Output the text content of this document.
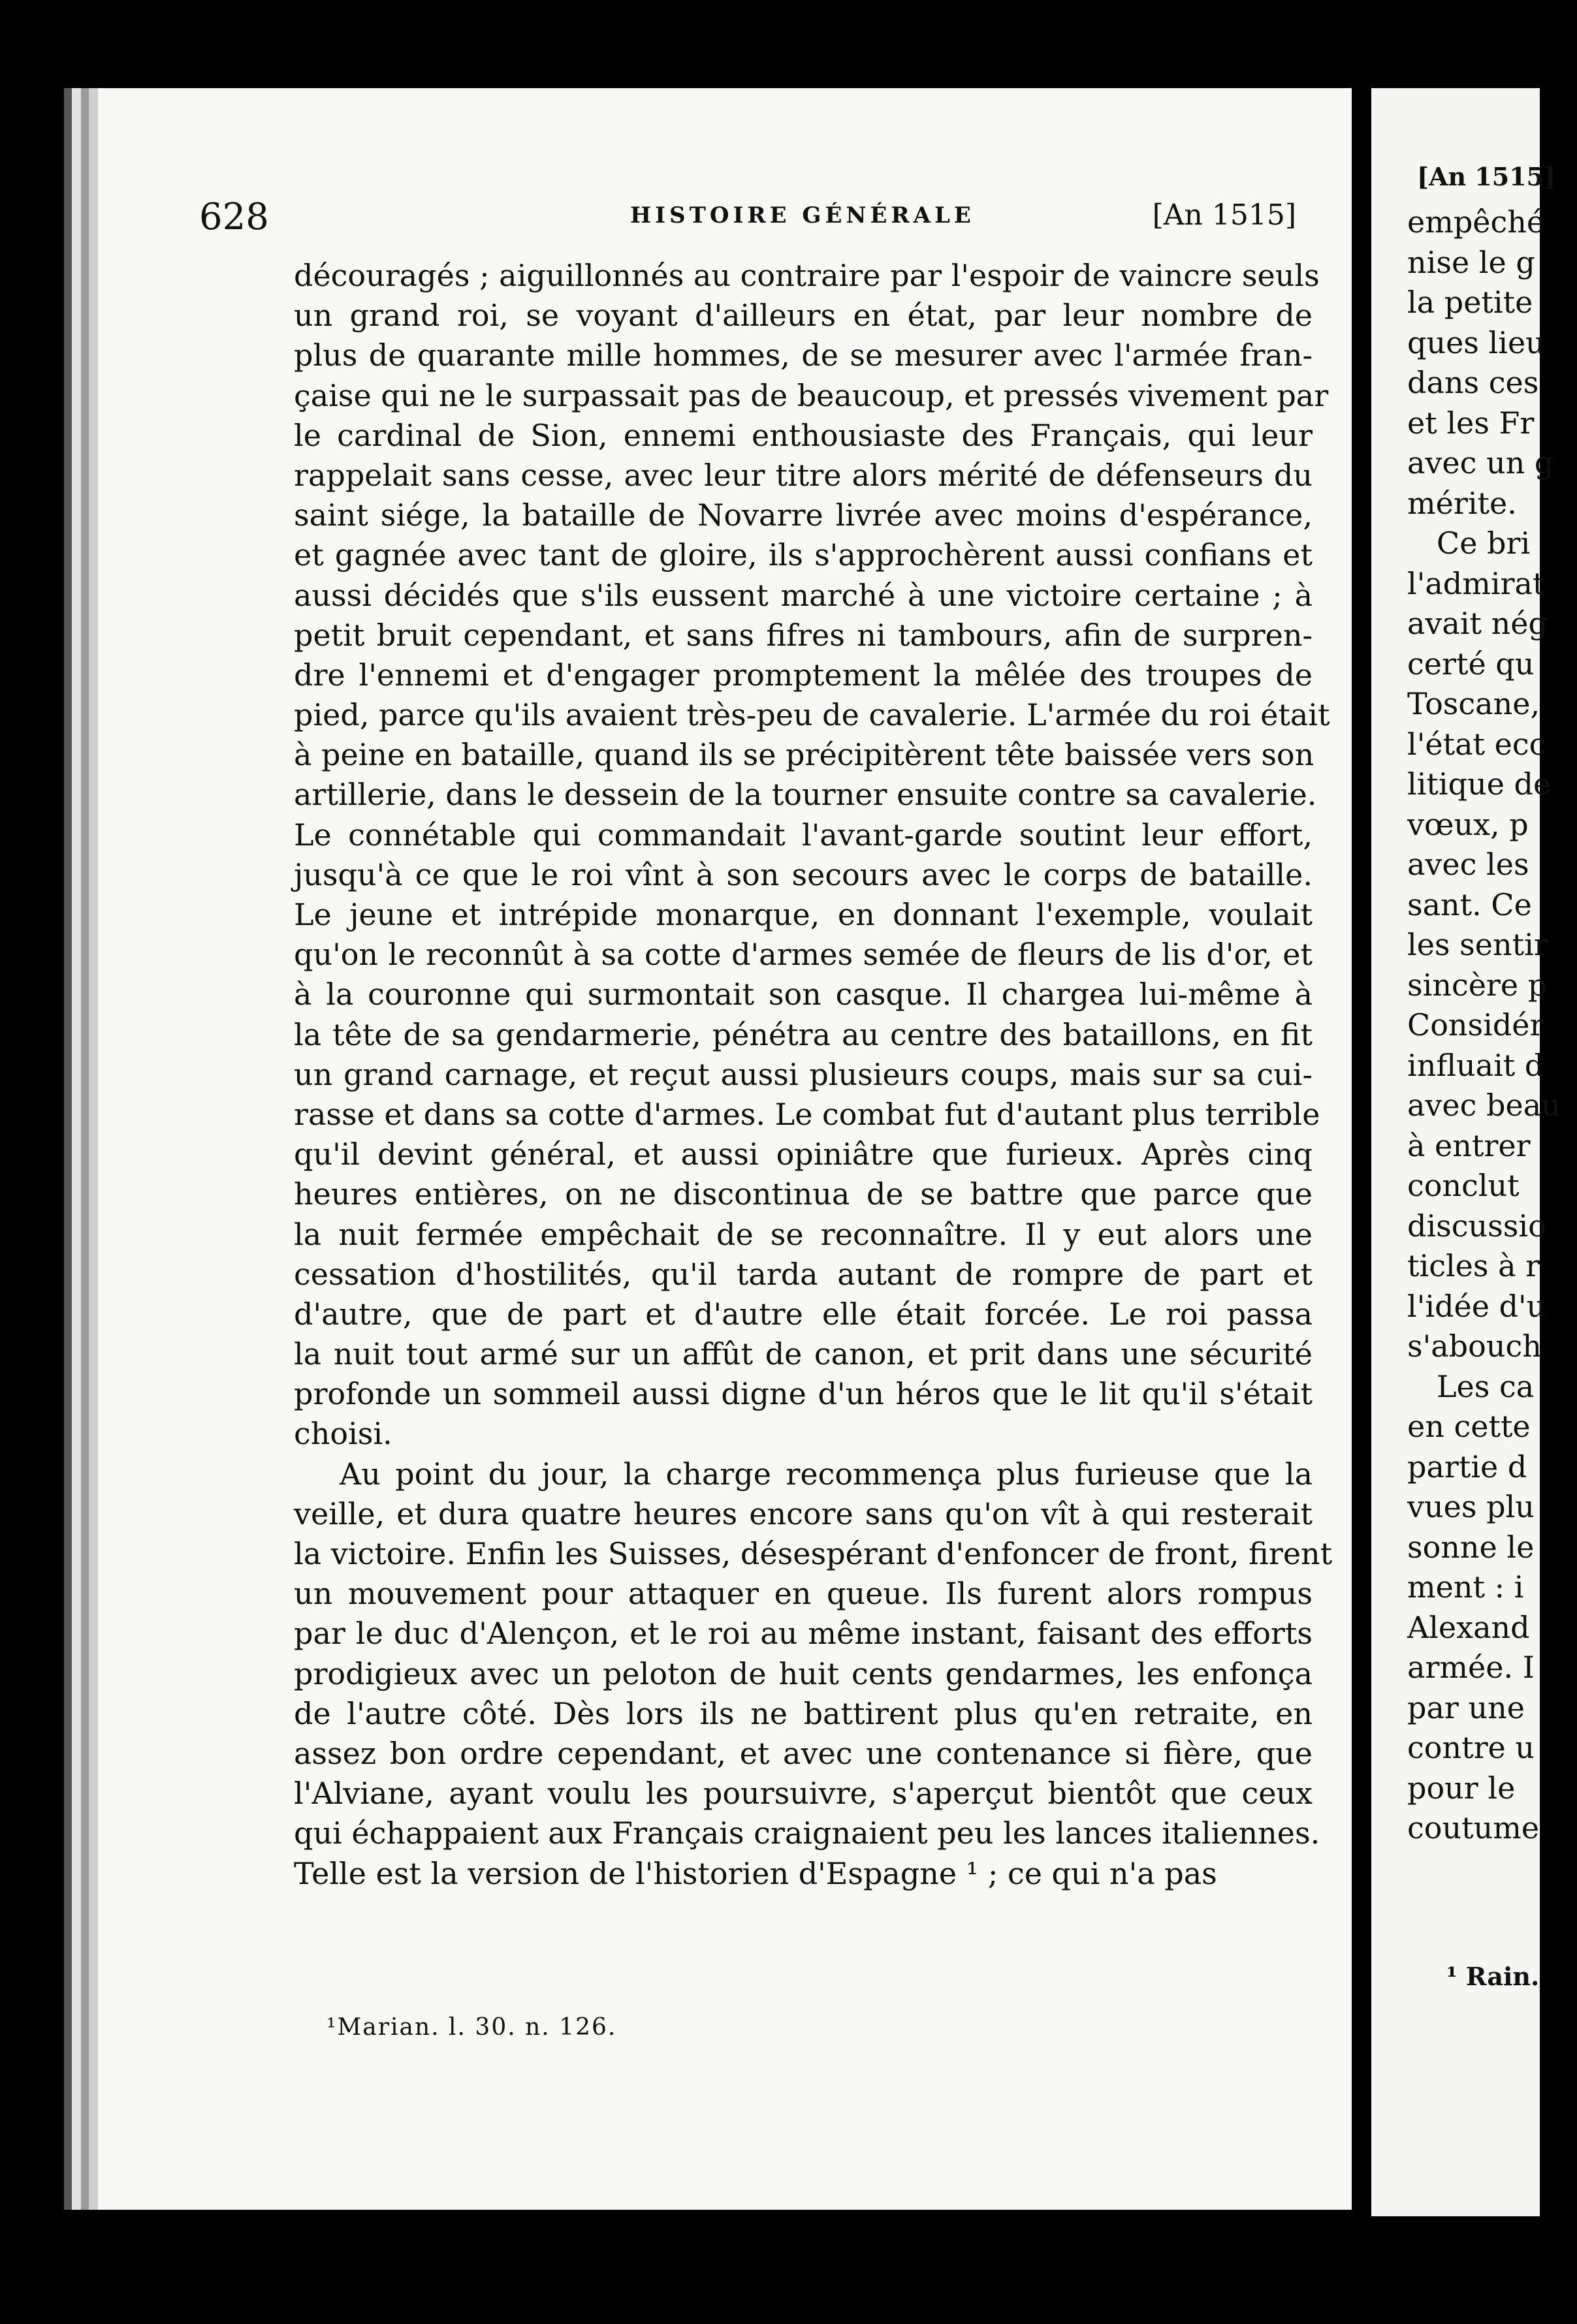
628	HISTOIRE GÉNÉRALE	[An 1515]
découragés ; aiguillonnés au contraire par l'espoir de vaincre seuls
un grand roi, se voyant d'ailleurs en état, par leur nombre de
plus de quarante mille hommes, de se mesurer avec l'armée fran-
çaise qui ne le surpassait pas de beaucoup, et pressés vivement par
le cardinal de Sion, ennemi enthousiaste des Français, qui leur
rappelait sans cesse, avec leur titre alors mérité de défenseurs du
saint siége, la bataille de Novarre livrée avec moins d'espérance,
et gagnée avec tant de gloire, ils s'approchèrent aussi confians et
aussi décidés que s'ils eussent marché à une victoire certaine ; à
petit bruit cependant, et sans fifres ni tambours, afin de surpren-
dre l'ennemi et d'engager promptement la mêlée des troupes de
pied, parce qu'ils avaient très-peu de cavalerie. L'armée du roi était
à peine en bataille, quand ils se précipitèrent tête baissée vers son
artillerie, dans le dessein de la tourner ensuite contre sa cavalerie.
Le connétable qui commandait l'avant-garde soutint leur effort,
jusqu'à ce que le roi vînt à son secours avec le corps de bataille.
Le jeune et intrépide monarque, en donnant l'exemple, voulait
qu'on le reconnût à sa cotte d'armes semée de fleurs de lis d'or, et
à la couronne qui surmontait son casque. Il chargea lui-même à
la tête de sa gendarmerie, pénétra au centre des bataillons, en fit
un grand carnage, et reçut aussi plusieurs coups, mais sur sa cui-
rasse et dans sa cotte d'armes. Le combat fut d'autant plus terrible
qu'il devint général, et aussi opiniâtre que furieux. Après cinq
heures entières, on ne discontinua de se battre que parce que
la nuit fermée empêchait de se reconnaître. Il y eut alors une
cessation d'hostilités, qu'il tarda autant de rompre de part et
d'autre, que de part et d'autre elle était forcée. Le roi passa
la nuit tout armé sur un affût de canon, et prit dans une sécurité
profonde un sommeil aussi digne d'un héros que le lit qu'il s'était
choisi.
Au point du jour, la charge recommença plus furieuse que la
veille, et dura quatre heures encore sans qu'on vît à qui resterait
la victoire. Enfin les Suisses, désespérant d'enfoncer de front, firent
un mouvement pour attaquer en queue. Ils furent alors rompus
par le duc d'Alençon, et le roi au même instant, faisant des efforts
prodigieux avec un peloton de huit cents gendarmes, les enfonça
de l'autre côté. Dès lors ils ne battirent plus qu'en retraite, en
assez bon ordre cependant, et avec une contenance si fière, que
l'Alviane, ayant voulu les poursuivre, s'aperçut bientôt que ceux
qui échappaient aux Français craignaient peu les lances italiennes.
Telle est la version de l'historien d'Espagne ¹ ; ce qui n'a pas
¹Marian. l. 30. n. 126.
[An 1515]
empêché
nise le g
la petite
ques lieu
dans ces
et les Fr
avec un g
mérite.
Ce bri
l'admirat
avait nég
certé qu
Toscane,
l'état ecc
litique de
vœux, p
avec les
sant. Ce
les sentir
sincère p
Considér
influait d
avec beau
à entrer
conclut
discussio
ticles à r
l'idée d'u
s'abouch
Les ca
en cette
partie d
vues plu
sonne le
ment : i
Alexand
armée. I
par une
contre u
pour le
coutume
¹ Rain.
